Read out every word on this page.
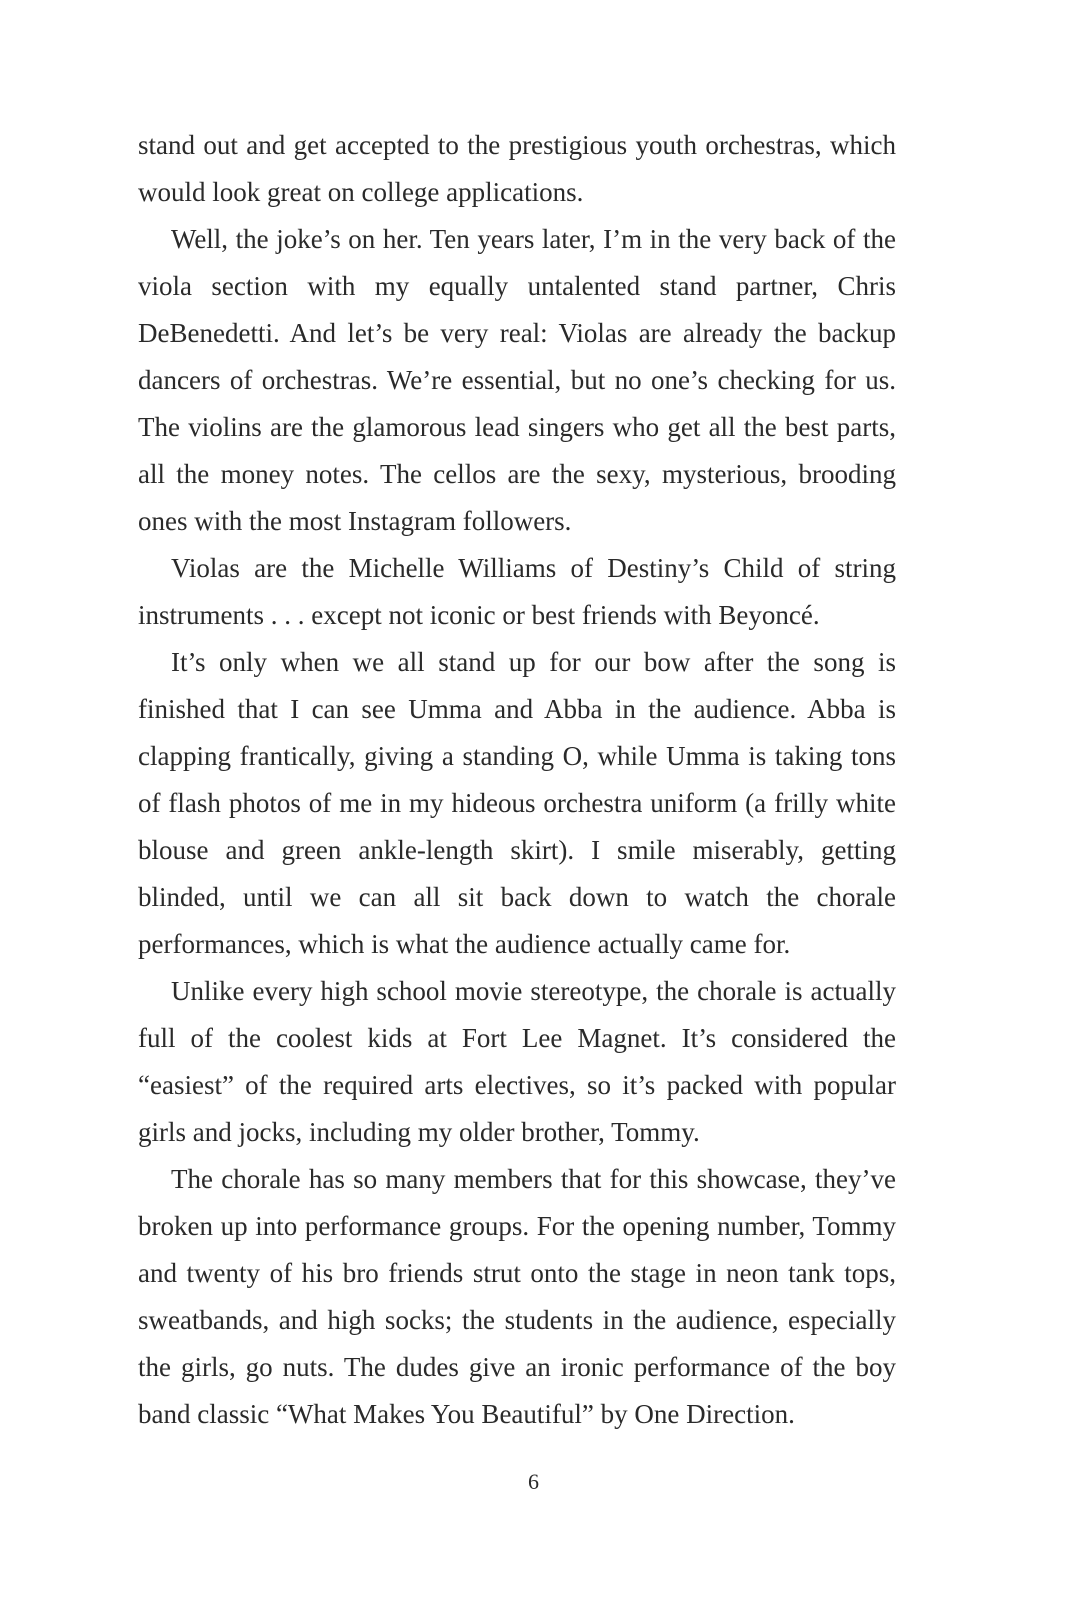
stand out and get accepted to the prestigious youth orchestras, which would look great on college applications.

Well, the joke’s on her. Ten years later, I’m in the very back of the viola section with my equally untalented stand partner, Chris DeBenedetti. And let’s be very real: Violas are already the backup dancers of orchestras. We’re essential, but no one’s checking for us. The violins are the glamorous lead singers who get all the best parts, all the money notes. The cellos are the sexy, mysterious, brooding ones with the most Instagram followers.

Violas are the Michelle Williams of Destiny’s Child of string instruments . . . except not iconic or best friends with Beyoncé.

It’s only when we all stand up for our bow after the song is finished that I can see Umma and Abba in the audience. Abba is clapping frantically, giving a standing O, while Umma is taking tons of flash photos of me in my hideous orchestra uniform (a frilly white blouse and green ankle-length skirt). I smile miserably, getting blinded, until we can all sit back down to watch the chorale performances, which is what the audience actually came for.

Unlike every high school movie stereotype, the chorale is actually full of the coolest kids at Fort Lee Magnet. It’s considered the “easiest” of the required arts electives, so it’s packed with popular girls and jocks, including my older brother, Tommy.

The chorale has so many members that for this showcase, they’ve broken up into performance groups. For the opening number, Tommy and twenty of his bro friends strut onto the stage in neon tank tops, sweatbands, and high socks; the students in the audience, especially the girls, go nuts. The dudes give an ironic performance of the boy band classic “What Makes You Beautiful” by One Direction.

6
